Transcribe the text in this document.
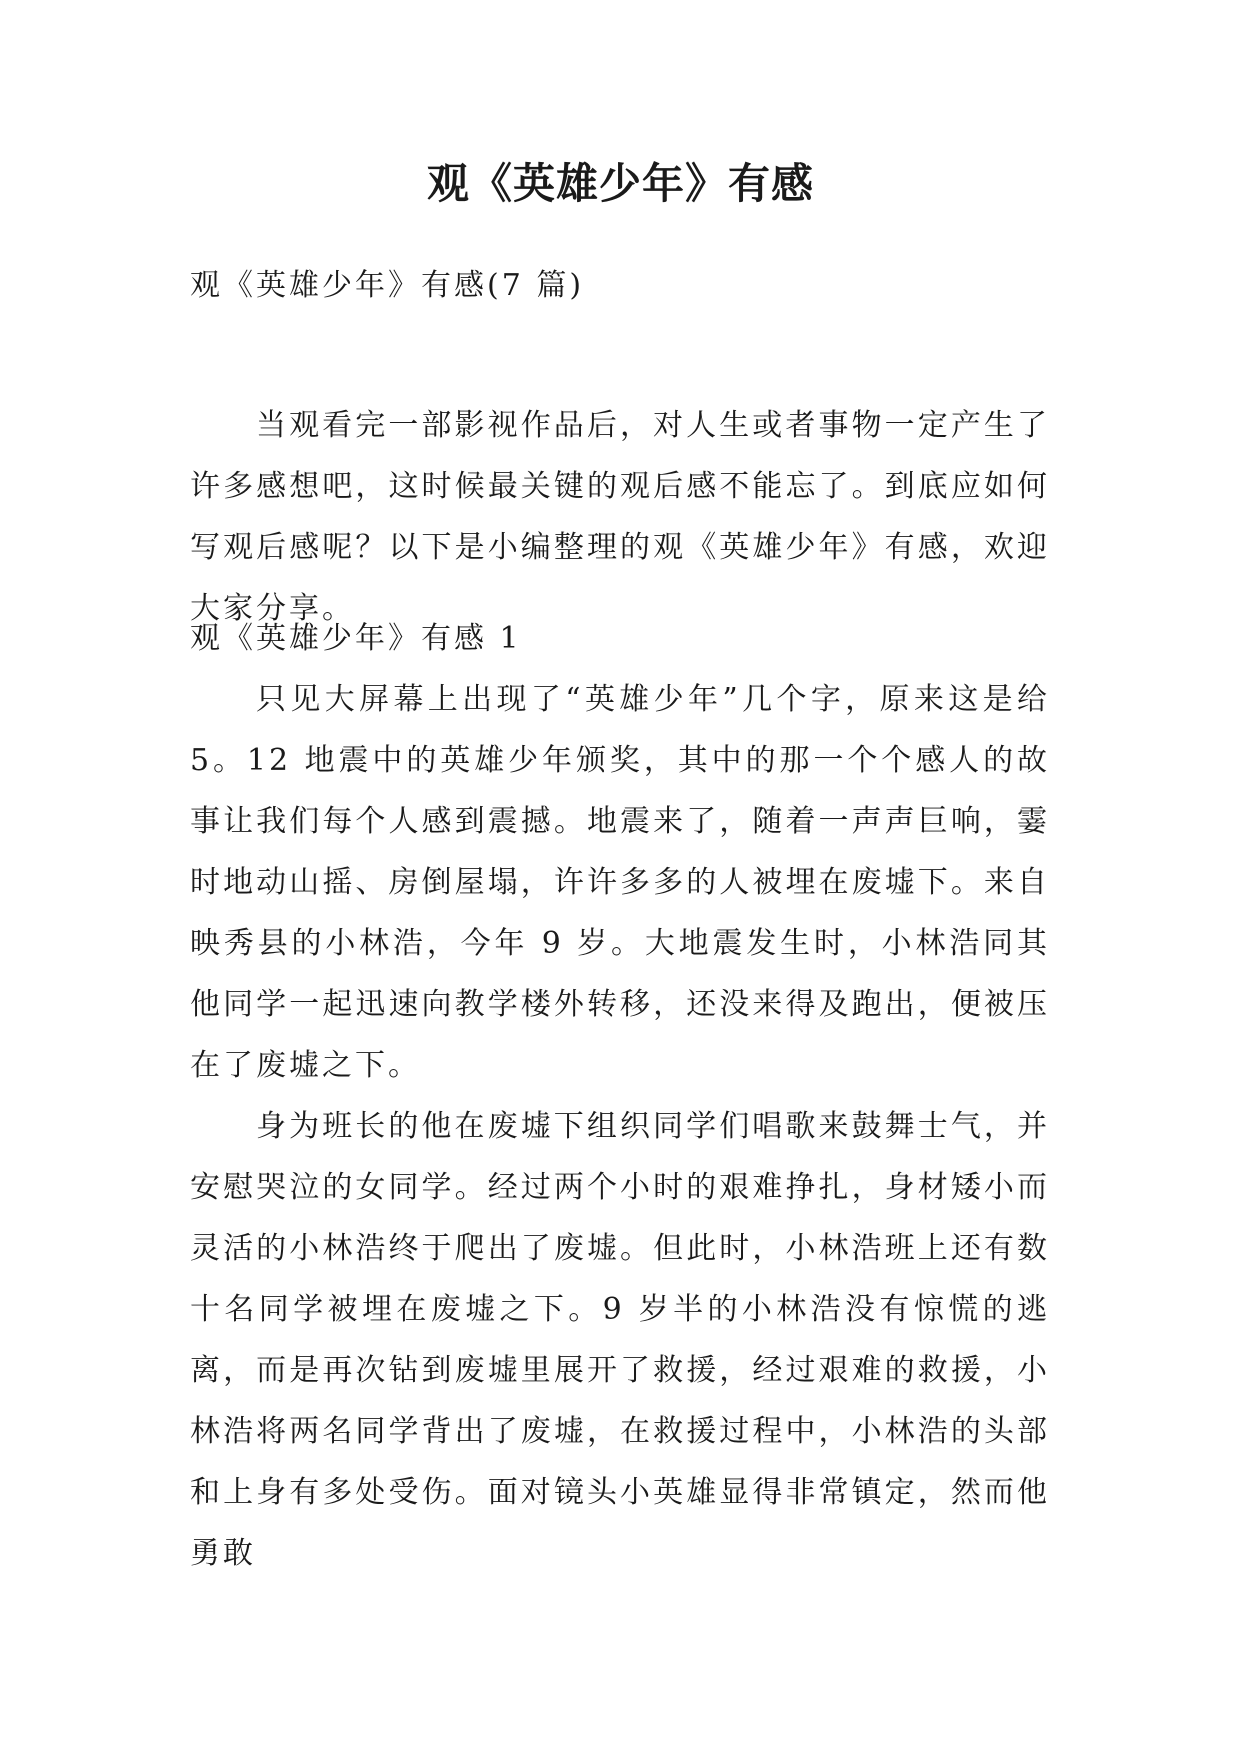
观《英雄少年》有感

观《英雄少年》有感(7 篇)

当观看完一部影视作品后，对人生或者事物一定产生了许多感想吧，这时候最关键的观后感不能忘了。到底应如何写观后感呢？以下是小编整理的观《英雄少年》有感，欢迎大家分享。

观《英雄少年》有感 1

只见大屏幕上出现了“英雄少年”几个字，原来这是给5。12 地震中的英雄少年颁奖，其中的那一个个感人的故事让我们每个人感到震撼。地震来了，随着一声声巨响，霎时地动山摇、房倒屋塌，许许多多的人被埋在废墟下。来自映秀县的小林浩，今年 9 岁。大地震发生时，小林浩同其他同学一起迅速向教学楼外转移，还没来得及跑出，便被压在了废墟之下。

身为班长的他在废墟下组织同学们唱歌来鼓舞士气，并安慰哭泣的女同学。经过两个小时的艰难挣扎，身材矮小而灵活的小林浩终于爬出了废墟。但此时，小林浩班上还有数十名同学被埋在废墟之下。9 岁半的小林浩没有惊慌的逃离，而是再次钻到废墟里展开了救援，经过艰难的救援，小林浩将两名同学背出了废墟，在救援过程中，小林浩的头部和上身有多处受伤。面对镜头小英雄显得非常镇定，然而他勇敢
